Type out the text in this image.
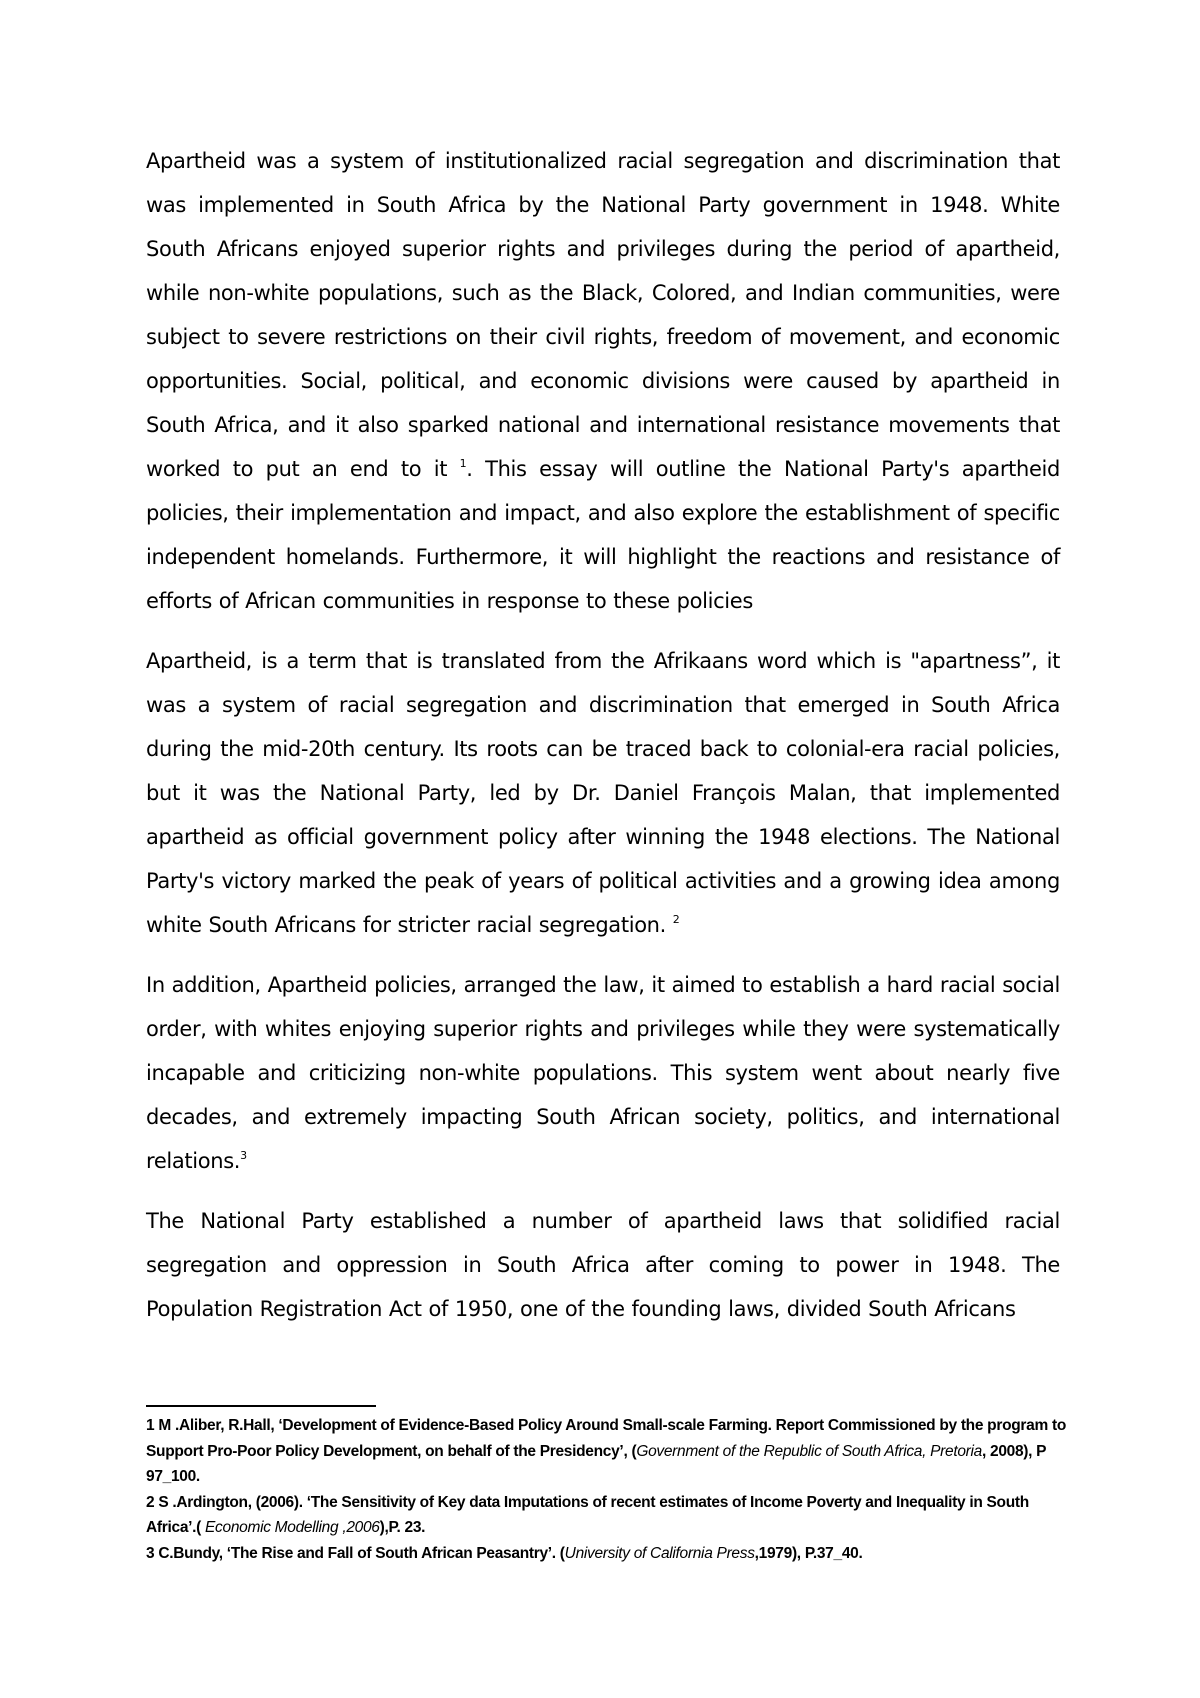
Apartheid was a system of institutionalized racial segregation and discrimination that was implemented in South Africa by the National Party government in 1948. White South Africans enjoyed superior rights and privileges during the period of apartheid, while non-white populations, such as the Black, Colored, and Indian communities, were subject to severe restrictions on their civil rights, freedom of movement, and economic opportunities. Social, political, and economic divisions were caused by apartheid in South Africa, and it also sparked national and international resistance movements that worked to put an end to it $^1$. This essay will outline the National Party's apartheid policies, their implementation and impact, and also explore the establishment of specific independent homelands. Furthermore, it will highlight the reactions and resistance of efforts of African communities in response to these policies

Apartheid, is a term that is translated from the Afrikaans word which is "apartness”, it was a system of racial segregation and discrimination that emerged in South Africa during the mid-20th century. Its roots can be traced back to colonial-era racial policies, but it was the National Party, led by Dr. Daniel François Malan, that implemented apartheid as official government policy after winning the 1948 elections. The National Party's victory marked the peak of years of political activities and a growing idea among white South Africans for stricter racial segregation. $^2$

In addition, Apartheid policies, arranged the law, it aimed to establish a hard racial social order, with whites enjoying superior rights and privileges while they were systematically incapable and criticizing non-white populations. This system went about nearly five decades, and extremely impacting South African society, politics, and international relations.$^3$

The National Party established a number of apartheid laws that solidified racial segregation and oppression in South Africa after coming to power in 1948. The Population Registration Act of 1950, one of the founding laws, divided South Africans

1 M .Aliber, R.Hall, ‘Development of Evidence-Based Policy Around Small-scale Farming. Report Commissioned by the program to Support Pro-Poor Policy Development, on behalf of the Presidency’, (Government of the Republic of South Africa, Pretoria, 2008), P 97_100.

2 S .Ardington, (2006). ‘The Sensitivity of Key data Imputations of recent estimates of Income Poverty and Inequality in South Africa’.( Economic Modelling ,2006),P. 23.

3 C.Bundy, ‘The Rise and Fall of South African Peasantry’. (University of California Press,1979), P.37_40.
